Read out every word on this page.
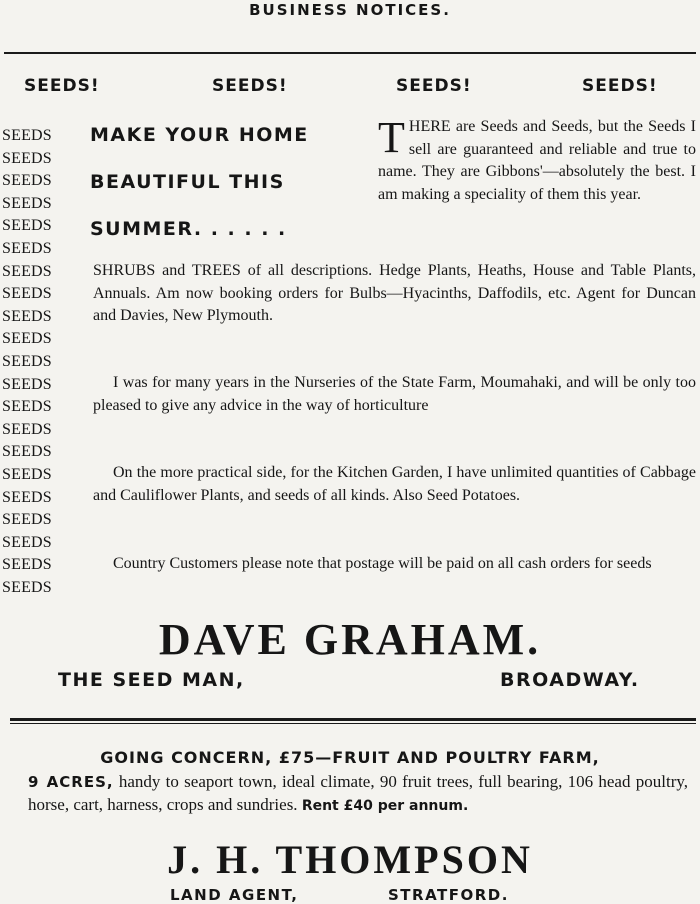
BUSINESS NOTICES.
SEEDS!	SEEDS!	SEEDS!	SEEDS!
SEEDS
SEEDS
SEEDS
SEEDS
SEEDS
SEEDS
SEEDS
SEEDS
SEEDS
SEEDS
SEEDS
SEEDS
SEEDS
SEEDS
SEEDS
SEEDS
SEEDS
SEEDS
SEEDS
SEEDS
SEEDS
MAKE YOUR HOME
BEAUTIFUL THIS
SUMMER. . . . . .

T HERE are Seeds and Seeds, but the Seeds I sell are guaranteed and reliable and true to name. They are Gibbons'—absolutely the best. I am making a speciality of them this year.

SHRUBS and TREES of all descriptions. Hedge Plants, Heaths, House and Table Plants, Annuals. Am now booking orders for Bulbs—Hyacinths, Daffodils, etc. Agent for Duncan and Davies, New Plymouth.

I was for many years in the Nurseries of the State Farm, Moumahaki, and will be only too pleased to give any advice in the way of horticulture

On the more practical side, for the Kitchen Garden, I have unlimited quantities of Cabbage and Cauliflower Plants, and seeds of all kinds. Also Seed Potatoes.

Country Customers please note that postage will be paid on all cash orders for seeds

DAVE GRAHAM.
THE SEED MAN,	BROADWAY.
GOING CONCERN, £75—FRUIT AND POULTRY FARM,

9 ACRES, handy to seaport town, ideal climate, 90 fruit trees, full bearing, 106 head poultry, horse, cart, harness, crops and sundries. Rent £40 per annum.

J. H. THOMPSON
LAND AGENT,	STRATFORD.
